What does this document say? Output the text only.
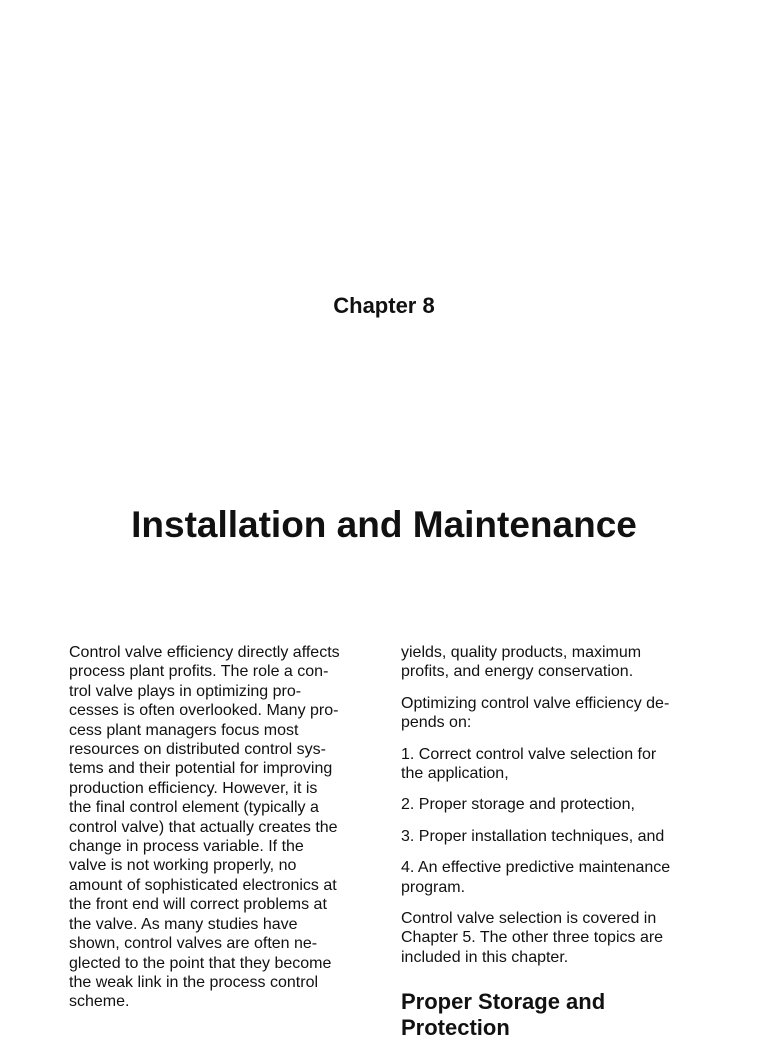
Chapter 8
Installation and Maintenance
Control valve efficiency directly affects
process plant profits. The role a con-
trol valve plays in optimizing pro-
cesses is often overlooked. Many pro-
cess plant managers focus most
resources on distributed control sys-
tems and their potential for improving
production efficiency. However, it is
the final control element (typically a
control valve) that actually creates the
change in process variable. If the
valve is not working properly, no
amount of sophisticated electronics at
the front end will correct problems at
the valve. As many studies have
shown, control valves are often ne-
glected to the point that they become
the weak link in the process control
scheme.
yields, quality products, maximum
profits, and energy conservation.
Optimizing control valve efficiency de-
pends on:
1. Correct control valve selection for
the application,
2. Proper storage and protection,
3. Proper installation techniques, and
4. An effective predictive maintenance
program.
Control valve selection is covered in
Chapter 5. The other three topics are
included in this chapter.
Proper Storage and Protection
